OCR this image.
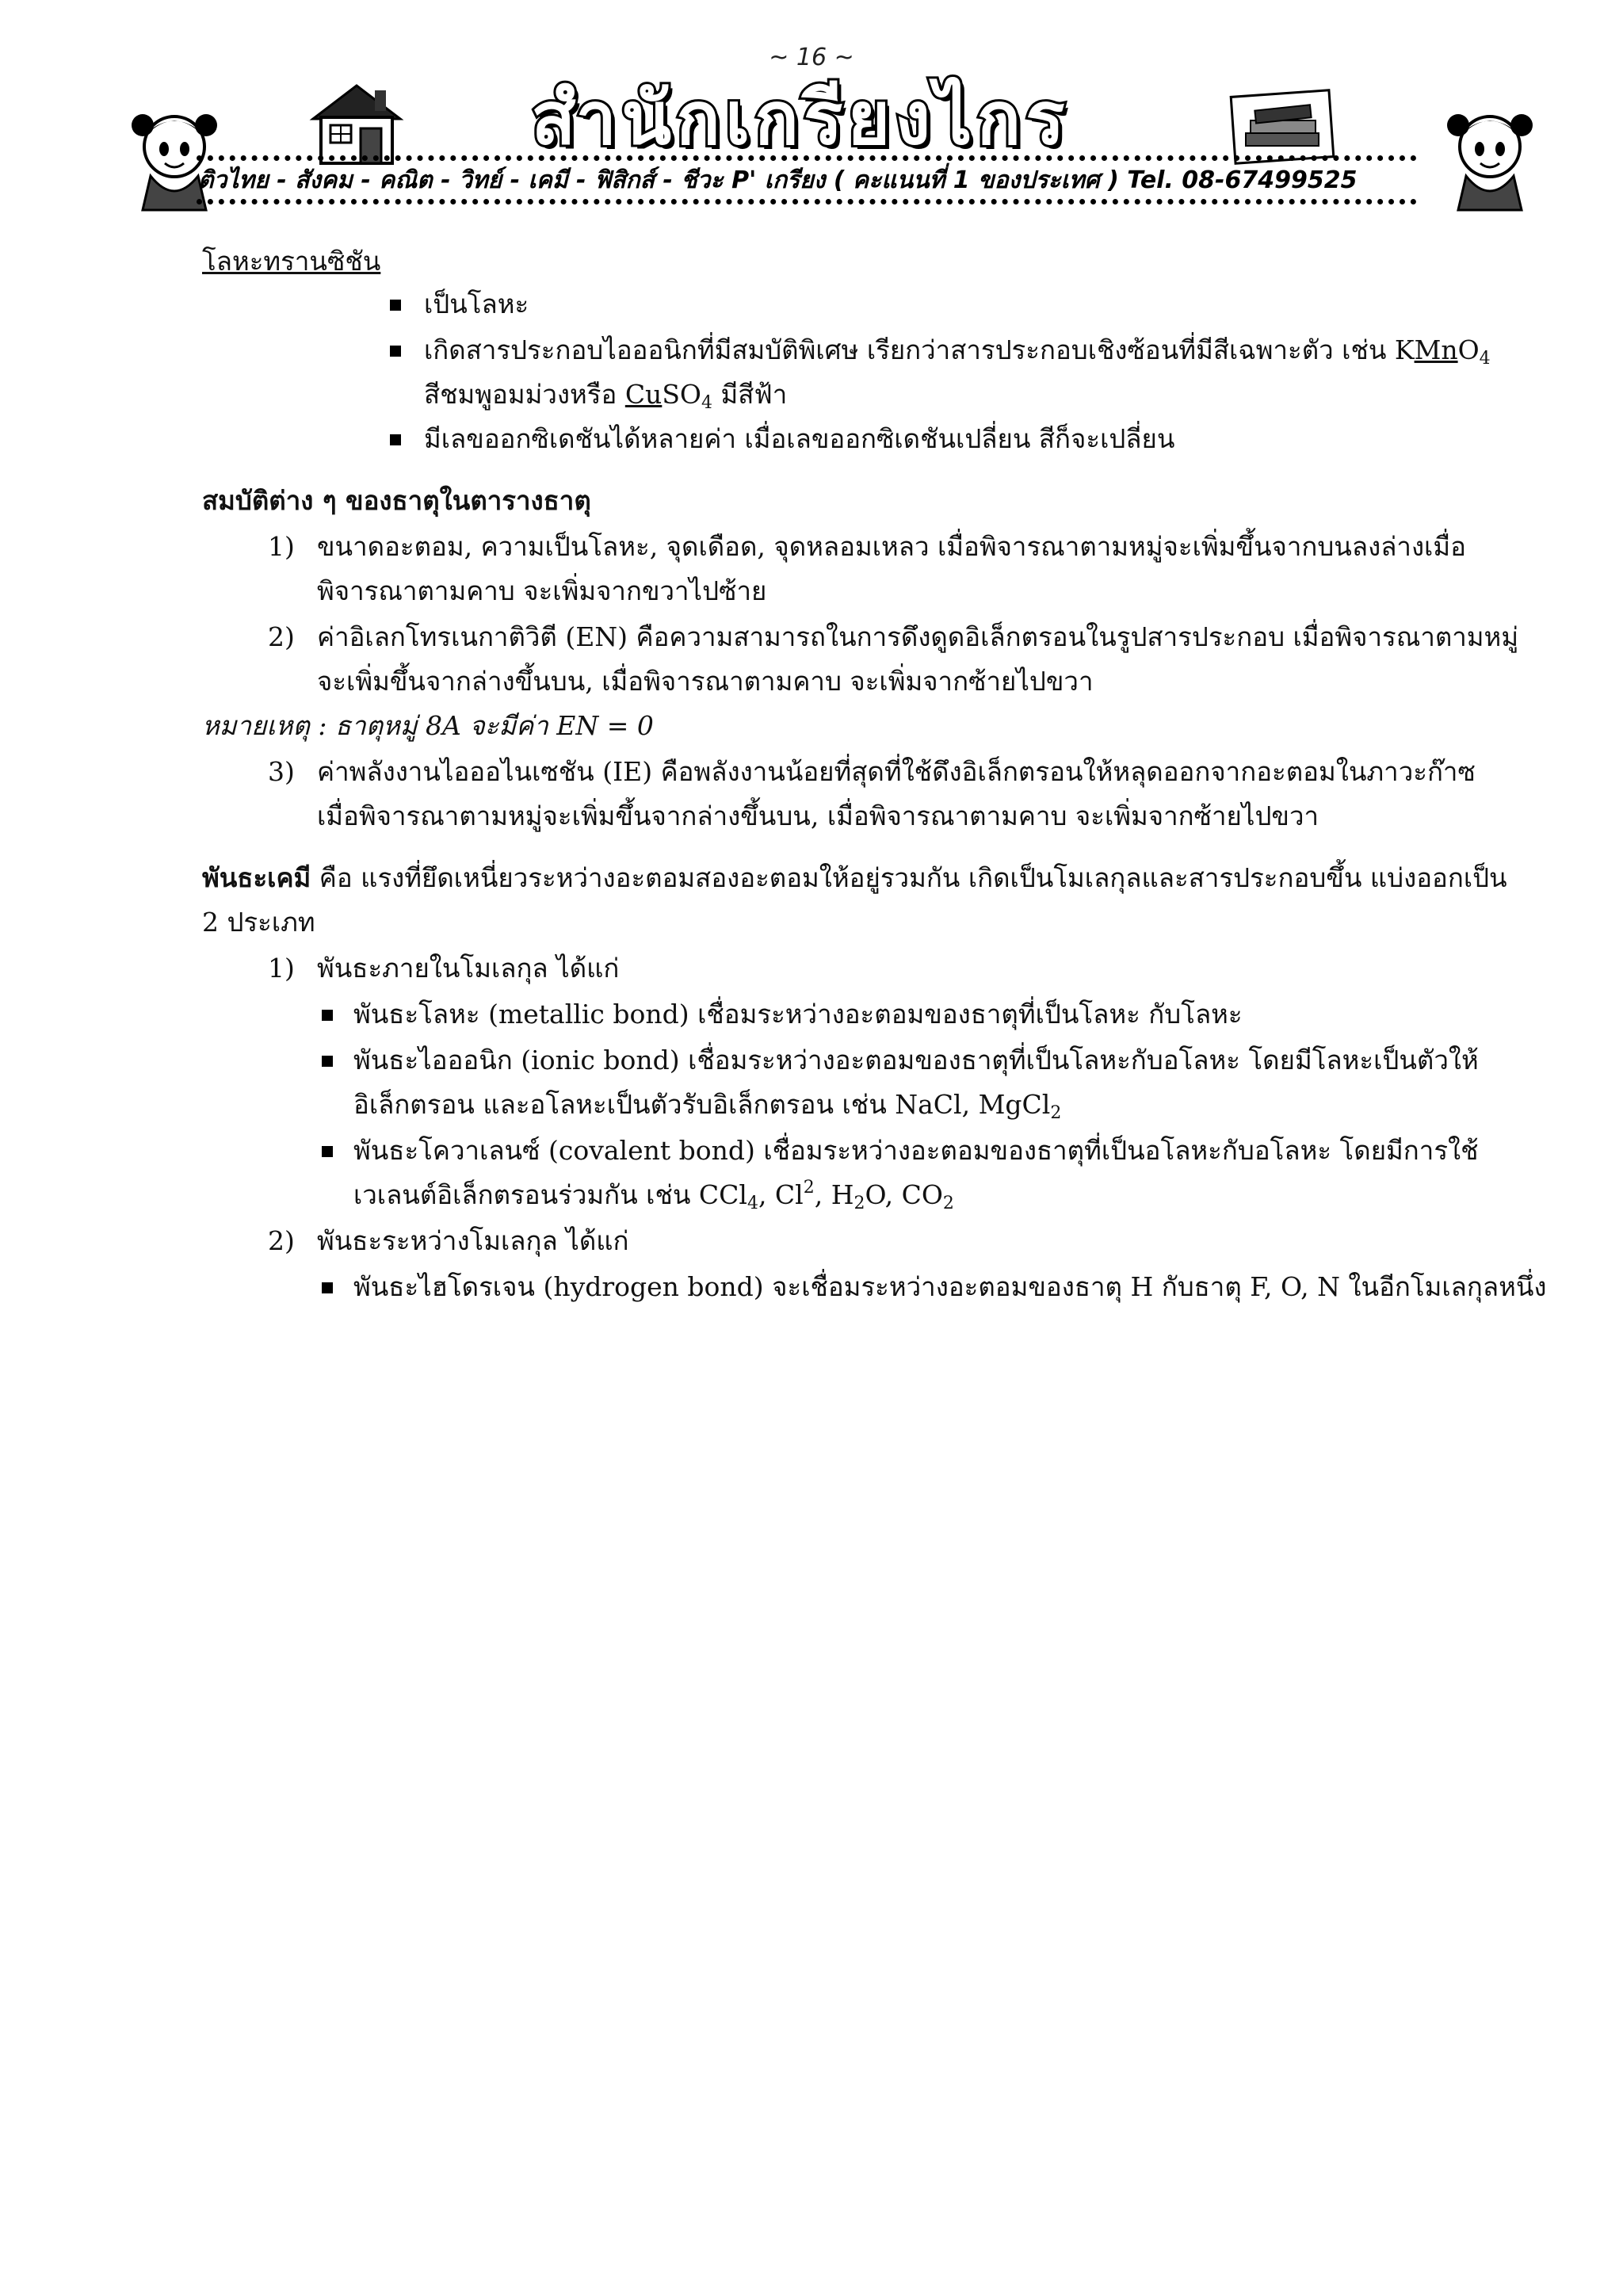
~ 16 ~
สำนักเกรียงไกร
ติวไทย - สังคม - คณิต - วิทย์ - เคมี - ฟิสิกส์ - ชีวะ P' เกรียง ( คะแนนที่ 1 ของประเทศ ) Tel. 08-67499525
โลหะทรานซิชัน
เป็นโลหะ
เกิดสารประกอบไอออนิกที่มีสมบัติพิเศษ เรียกว่าสารประกอบเชิงซ้อนที่มีสีเฉพาะตัว เช่น KMnO$_4$
สีชมพูอมม่วงหรือ CuSO$_4$ มีสีฟ้า
มีเลขออกซิเดชันได้หลายค่า เมื่อเลขออกซิเดชันเปลี่ยน สีก็จะเปลี่ยน
สมบัติต่าง ๆ ของธาตุในตารางธาตุ
1) ขนาดอะตอม, ความเป็นโลหะ, จุดเดือด, จุดหลอมเหลว เมื่อพิจารณาตามหมู่จะเพิ่มขึ้นจากบนลงล่างเมื่อ
พิจารณาตามคาบ จะเพิ่มจากขวาไปซ้าย
2) ค่าอิเลกโทรเนกาติวิตี (EN) คือความสามารถในการดึงดูดอิเล็กตรอนในรูปสารประกอบ เมื่อพิจารณาตามหมู่
จะเพิ่มขึ้นจากล่างขึ้นบน, เมื่อพิจารณาตามคาบ จะเพิ่มจากซ้ายไปขวา
หมายเหตุ : ธาตุหมู่ 8A จะมีค่า EN = 0
3) ค่าพลังงานไอออไนเซชัน (IE) คือพลังงานน้อยที่สุดที่ใช้ดึงอิเล็กตรอนให้หลุดออกจากอะตอมในภาวะก๊าซ
เมื่อพิจารณาตามหมู่จะเพิ่มขึ้นจากล่างขึ้นบน, เมื่อพิจารณาตามคาบ จะเพิ่มจากซ้ายไปขวา
พันธะเคมี คือ แรงที่ยึดเหนี่ยวระหว่างอะตอมสองอะตอมให้อยู่รวมกัน เกิดเป็นโมเลกุลและสารประกอบขึ้น แบ่งออกเป็น
2 ประเภท
1) พันธะภายในโมเลกุล ได้แก่
พันธะโลหะ (metallic bond) เชื่อมระหว่างอะตอมของธาตุที่เป็นโลหะ กับโลหะ
พันธะไอออนิก (ionic bond) เชื่อมระหว่างอะตอมของธาตุที่เป็นโลหะกับอโลหะ โดยมีโลหะเป็นตัวให้
อิเล็กตรอน และอโลหะเป็นตัวรับอิเล็กตรอน เช่น NaCl, MgCl$_2$
พันธะโควาเลนซ์ (covalent bond) เชื่อมระหว่างอะตอมของธาตุที่เป็นอโลหะกับอโลหะ โดยมีการใช้
เวเลนต์อิเล็กตรอนร่วมกัน เช่น CCl$_4$, Cl$^2$, $H_2O$, $CO_2$
2) พันธะระหว่างโมเลกุล ได้แก่
พันธะไฮโดรเจน (hydrogen bond) จะเชื่อมระหว่างอะตอมของธาตุ H กับธาตุ F, O, N ในอีกโมเลกุลหนึ่ง
